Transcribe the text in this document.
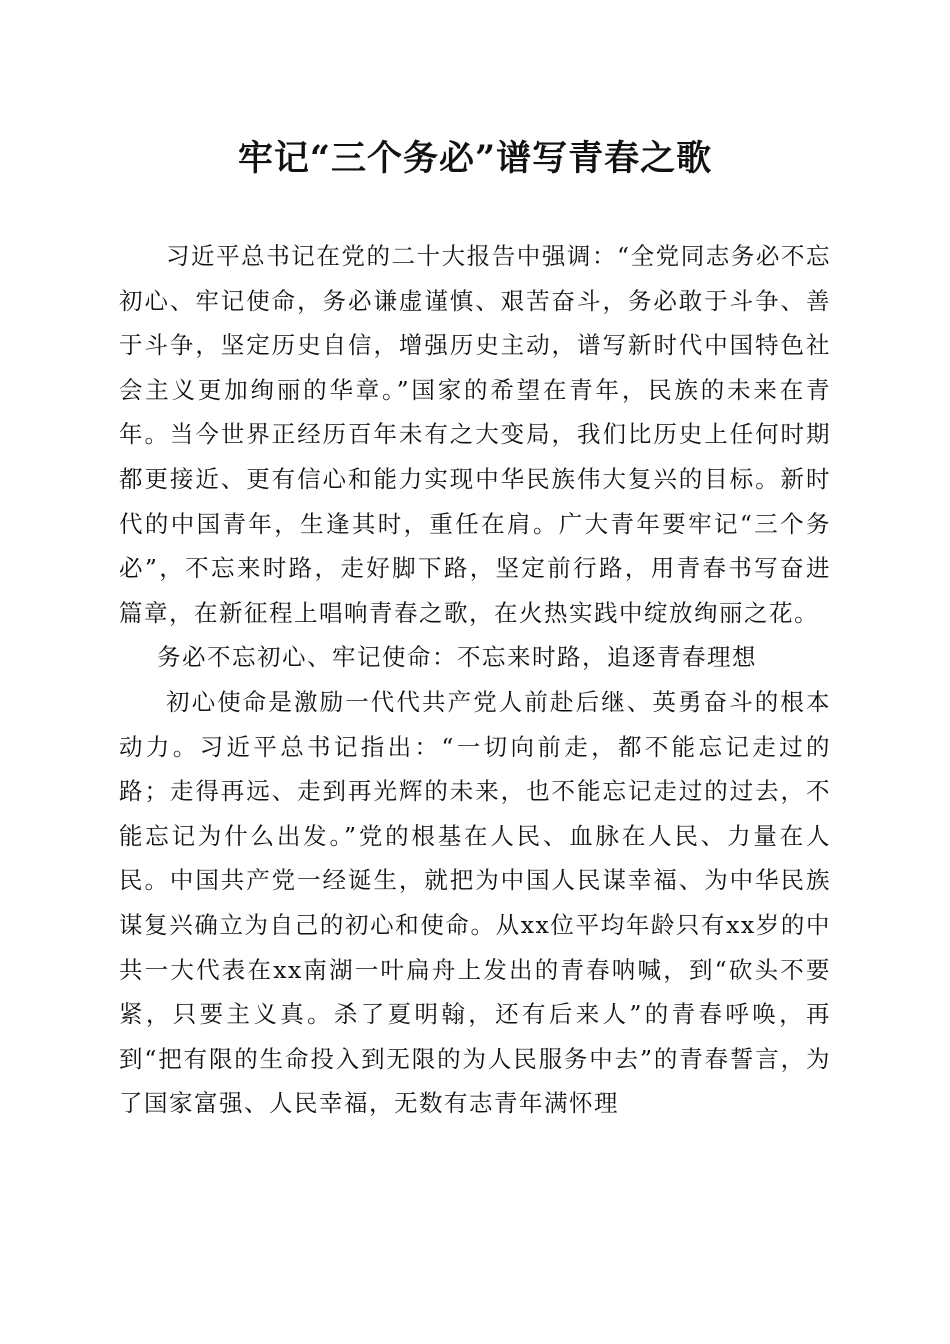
牢记“三个务必”谱写青春之歌

习近平总书记在党的二十大报告中强调：“全党同志务必不忘初心、牢记使命，务必谦虚谨慎、艰苦奋斗，务必敢于斗争、善于斗争，坚定历史自信，增强历史主动，谱写新时代中国特色社会主义更加绚丽的华章。”国家的希望在青年，民族的未来在青年。当今世界正经历百年未有之大变局，我们比历史上任何时期都更接近、更有信心和能力实现中华民族伟大复兴的目标。新时代的中国青年，生逢其时，重任在肩。广大青年要牢记“三个务必”，不忘来时路，走好脚下路，坚定前行路，用青春书写奋进篇章，在新征程上唱响青春之歌，在火热实践中绽放绚丽之花。

务必不忘初心、牢记使命：不忘来时路，追逐青春理想

初心使命是激励一代代共产党人前赴后继、英勇奋斗的根本动力。习近平总书记指出：“一切向前走，都不能忘记走过的路；走得再远、走到再光辉的未来，也不能忘记走过的过去，不能忘记为什么出发。”党的根基在人民、血脉在人民、力量在人民。中国共产党一经诞生，就把为中国人民谋幸福、为中华民族谋复兴确立为自己的初心和使命。从xx位平均年龄只有xx岁的中共一大代表在xx南湖一叶扁舟上发出的青春呐喊，到“砍头不要紧，只要主义真。杀了夏明翰，还有后来人”的青春呼唤，再到“把有限的生命投入到无限的为人民服务中去”的青春誓言，为了国家富强、人民幸福，无数有志青年满怀理
